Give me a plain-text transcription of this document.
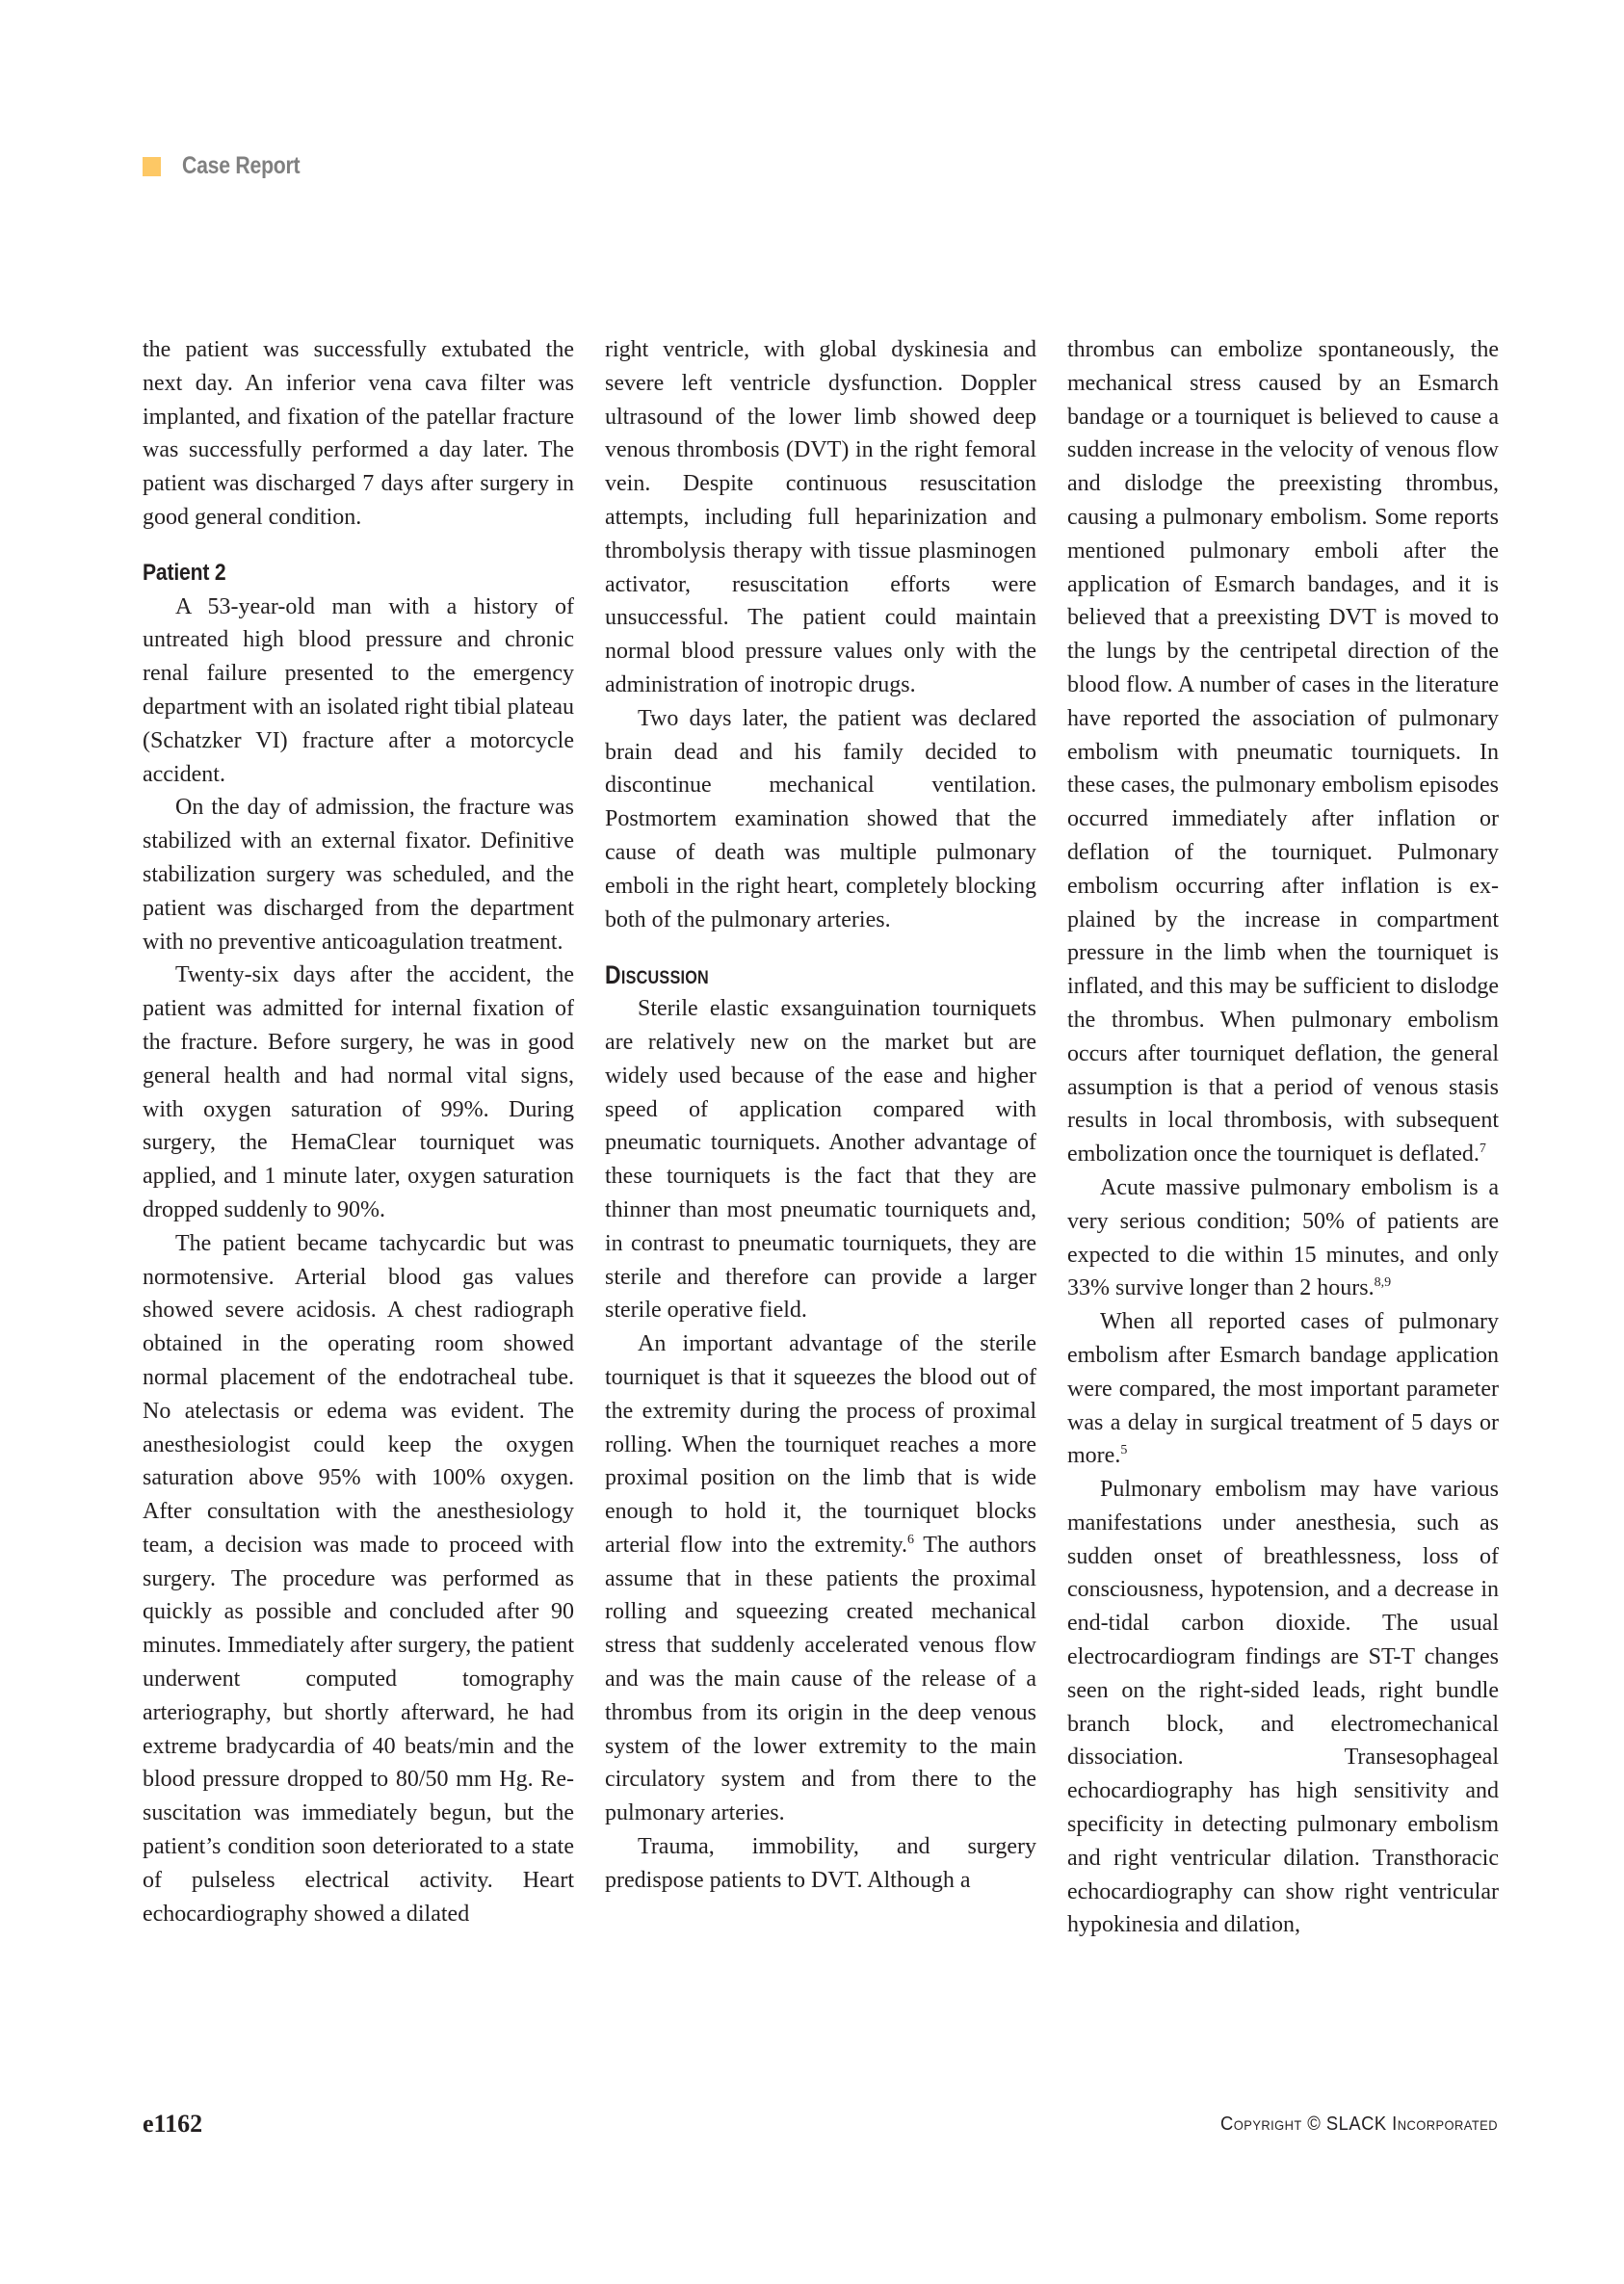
Case Report

the patient was successfully extubated the next day. An inferior vena cava filter was implanted, and fixation of the patellar fracture was successfully performed a day later. The patient was discharged 7 days after surgery in good general condition.

Patient 2

A 53-year-old man with a history of untreated high blood pressure and chronic renal failure presented to the emergency department with an isolated right tibial plateau (Schatzker VI) fracture after a motorcycle accident.

On the day of admission, the fracture was stabilized with an external fixator. Definitive stabilization surgery was scheduled, and the patient was discharged from the department with no preventive anticoagulation treatment.

Twenty-six days after the accident, the patient was admitted for internal fixation of the fracture. Before surgery, he was in good general health and had normal vital signs, with oxygen saturation of 99%. During surgery, the HemaClear tourniquet was applied, and 1 minute later, oxygen saturation dropped suddenly to 90%.

The patient became tachycardic but was normotensive. Arterial blood gas values showed severe acidosis. A chest radiograph obtained in the operating room showed normal placement of the endotracheal tube. No atelectasis or edema was evident. The anesthesiologist could keep the oxygen saturation above 95% with 100% oxygen. After consultation with the anesthesiology team, a decision was made to proceed with surgery. The procedure was performed as quickly as possible and concluded after 90 minutes. Immediately after surgery, the patient underwent computed tomography arteriography, but shortly afterward, he had extreme bradycardia of 40 beats/min and the blood pressure dropped to 80/50 mm Hg. Resuscitation was immediately begun, but the patient’s condition soon deteriorated to a state of pulseless electrical activity. Heart echocardiography showed a dilated

right ventricle, with global dyskinesia and severe left ventricle dysfunction. Doppler ultrasound of the lower limb showed deep venous thrombosis (DVT) in the right femoral vein. Despite continuous resuscitation attempts, including full heparinization and thrombolysis therapy with tissue plasminogen activator, resuscitation efforts were unsuccessful. The patient could maintain normal blood pressure values only with the administration of inotropic drugs.

Two days later, the patient was declared brain dead and his family decided to discontinue mechanical ventilation. Postmortem examination showed that the cause of death was multiple pulmonary emboli in the right heart, completely blocking both of the pulmonary arteries.

Discussion

Sterile elastic exsanguination tourniquets are relatively new on the market but are widely used because of the ease and higher speed of application compared with pneumatic tourniquets. Another advantage of these tourniquets is the fact that they are thinner than most pneumatic tourniquets and, in contrast to pneumatic tourniquets, they are sterile and therefore can provide a larger sterile operative field.

An important advantage of the sterile tourniquet is that it squeezes the blood out of the extremity during the process of proximal rolling. When the tourniquet reaches a more proximal position on the limb that is wide enough to hold it, the tourniquet blocks arterial flow into the extremity.$^6$ The authors assume that in these patients the proximal rolling and squeezing created mechanical stress that suddenly accelerated venous flow and was the main cause of the release of a thrombus from its origin in the deep venous system of the lower extremity to the main circulatory system and from there to the pulmonary arteries.

Trauma, immobility, and surgery predispose patients to DVT. Although a

thrombus can embolize spontaneously, the mechanical stress caused by an Esmarch bandage or a tourniquet is believed to cause a sudden increase in the velocity of venous flow and dislodge the preexisting thrombus, causing a pulmonary embolism. Some reports mentioned pulmonary emboli after the application of Esmarch bandages, and it is believed that a preexisting DVT is moved to the lungs by the centripetal direction of the blood flow. A number of cases in the literature have reported the association of pulmonary embolism with pneumatic tourniquets. In these cases, the pulmonary embolism episodes occurred immediately after inflation or deflation of the tourniquet. Pulmonary embolism occurring after inflation is explained by the increase in compartment pressure in the limb when the tourniquet is inflated, and this may be sufficient to dislodge the thrombus. When pulmonary embolism occurs after tourniquet deflation, the general assumption is that a period of venous stasis results in local thrombosis, with subsequent embolization once the tourniquet is deflated.$^7$

Acute massive pulmonary embolism is a very serious condition; 50% of patients are expected to die within 15 minutes, and only 33% survive longer than 2 hours.$^{8,9}$

When all reported cases of pulmonary embolism after Esmarch bandage application were compared, the most important parameter was a delay in surgical treatment of 5 days or more.$^5$

Pulmonary embolism may have various manifestations under anesthesia, such as sudden onset of breathlessness, loss of consciousness, hypotension, and a decrease in end-tidal carbon dioxide. The usual electrocardiogram findings are ST-T changes seen on the right-sided leads, right bundle branch block, and electromechanical dissociation. Transesophageal echocardiography has high sensitivity and specificity in detecting pulmonary embolism and right ventricular dilation. Transthoracic echocardiography can show right ventricular hypokinesia and dilation,

e1162	Copyright © SLACK Incorporated
